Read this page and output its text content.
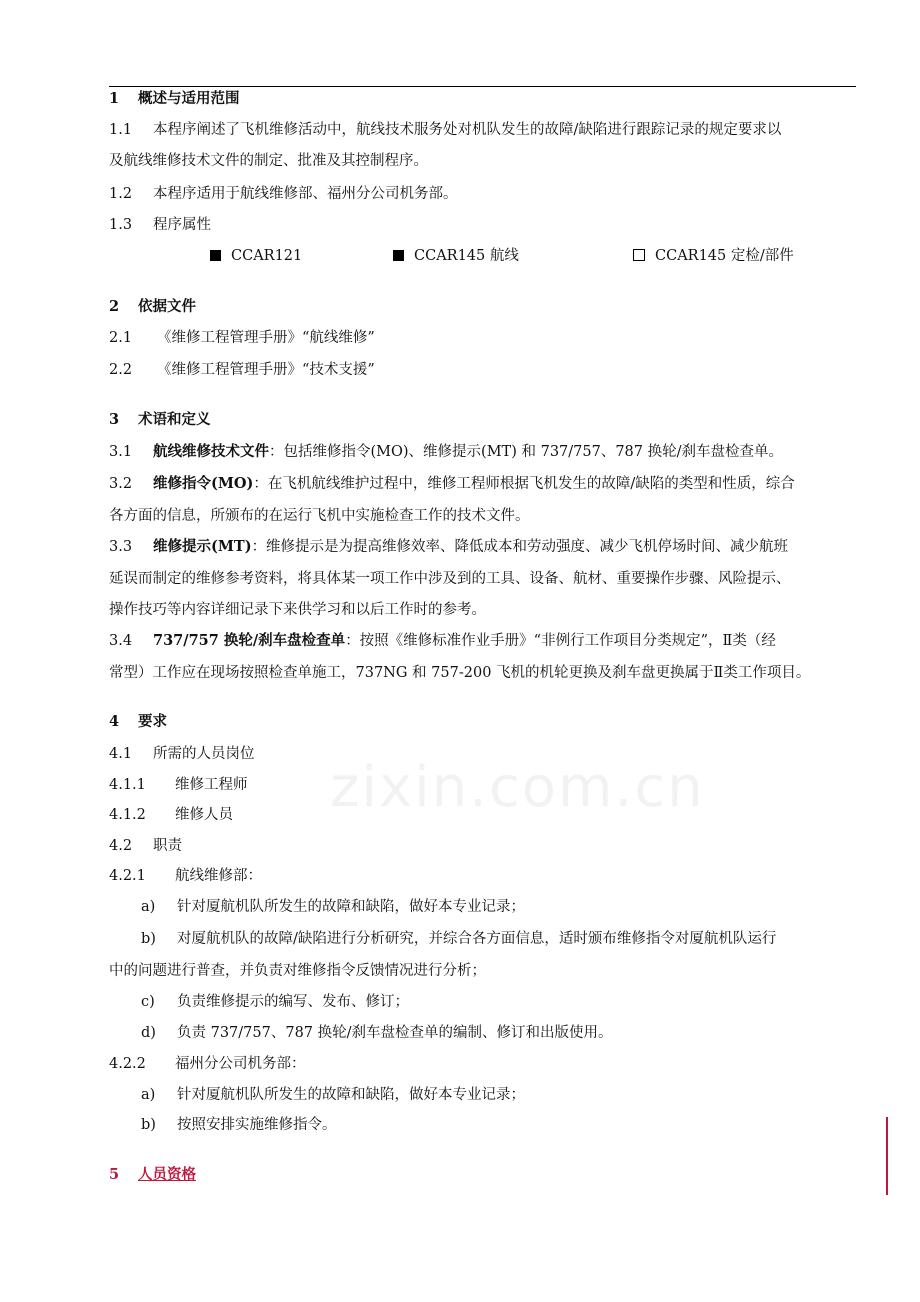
zixin.com.cn
1 概述与适用范围
1.1 本程序阐述了飞机维修活动中，航线技术服务处对机队发生的故障/缺陷进行跟踪记录的规定要求以
及航线维修技术文件的制定、批准及其控制程序。
1.2 本程序适用于航线维修部、福州分公司机务部。
1.3 程序属性
CCAR121	CCAR145 航线	CCAR145 定检/部件
2 依据文件
2.1 《维修工程管理手册》“航线维修”
2.2 《维修工程管理手册》“技术支援”
3 术语和定义
3.1 航线维修技术文件：包括维修指令(MO)、维修提示(MT) 和 737/757、787 换轮/刹车盘检查单。
3.2 维修指令(MO)：在飞机航线维护过程中，维修工程师根据飞机发生的故障/缺陷的类型和性质，综合
各方面的信息，所颁布的在运行飞机中实施检查工作的技术文件。
3.3 维修提示(MT)：维修提示是为提高维修效率、降低成本和劳动强度、减少飞机停场时间、减少航班
延误而制定的维修参考资料，将具体某一项工作中涉及到的工具、设备、航材、重要操作步骤、风险提示、
操作技巧等内容详细记录下来供学习和以后工作时的参考。
3.4 737/757 换轮/刹车盘检查单：按照《维修标准作业手册》“非例行工作项目分类规定”，Ⅱ类（经
常型）工作应在现场按照检查单施工，737NG 和 757-200 飞机的机轮更换及刹车盘更换属于Ⅱ类工作项目。
4 要求
4.1 所需的人员岗位
4.1.1 维修工程师
4.1.2 维修人员
4.2 职责
4.2.1 航线维修部：
a) 针对厦航机队所发生的故障和缺陷，做好本专业记录；
b) 对厦航机队的故障/缺陷进行分析研究，并综合各方面信息，适时颁布维修指令对厦航机队运行
中的问题进行普查，并负责对维修指令反馈情况进行分析；
c) 负责维修提示的编写、发布、修订；
d) 负责 737/757、787 换轮/刹车盘检查单的编制、修订和出版使用。
4.2.2 福州分公司机务部：
a) 针对厦航机队所发生的故障和缺陷，做好本专业记录；
b) 按照安排实施维修指令。
5 人员资格
